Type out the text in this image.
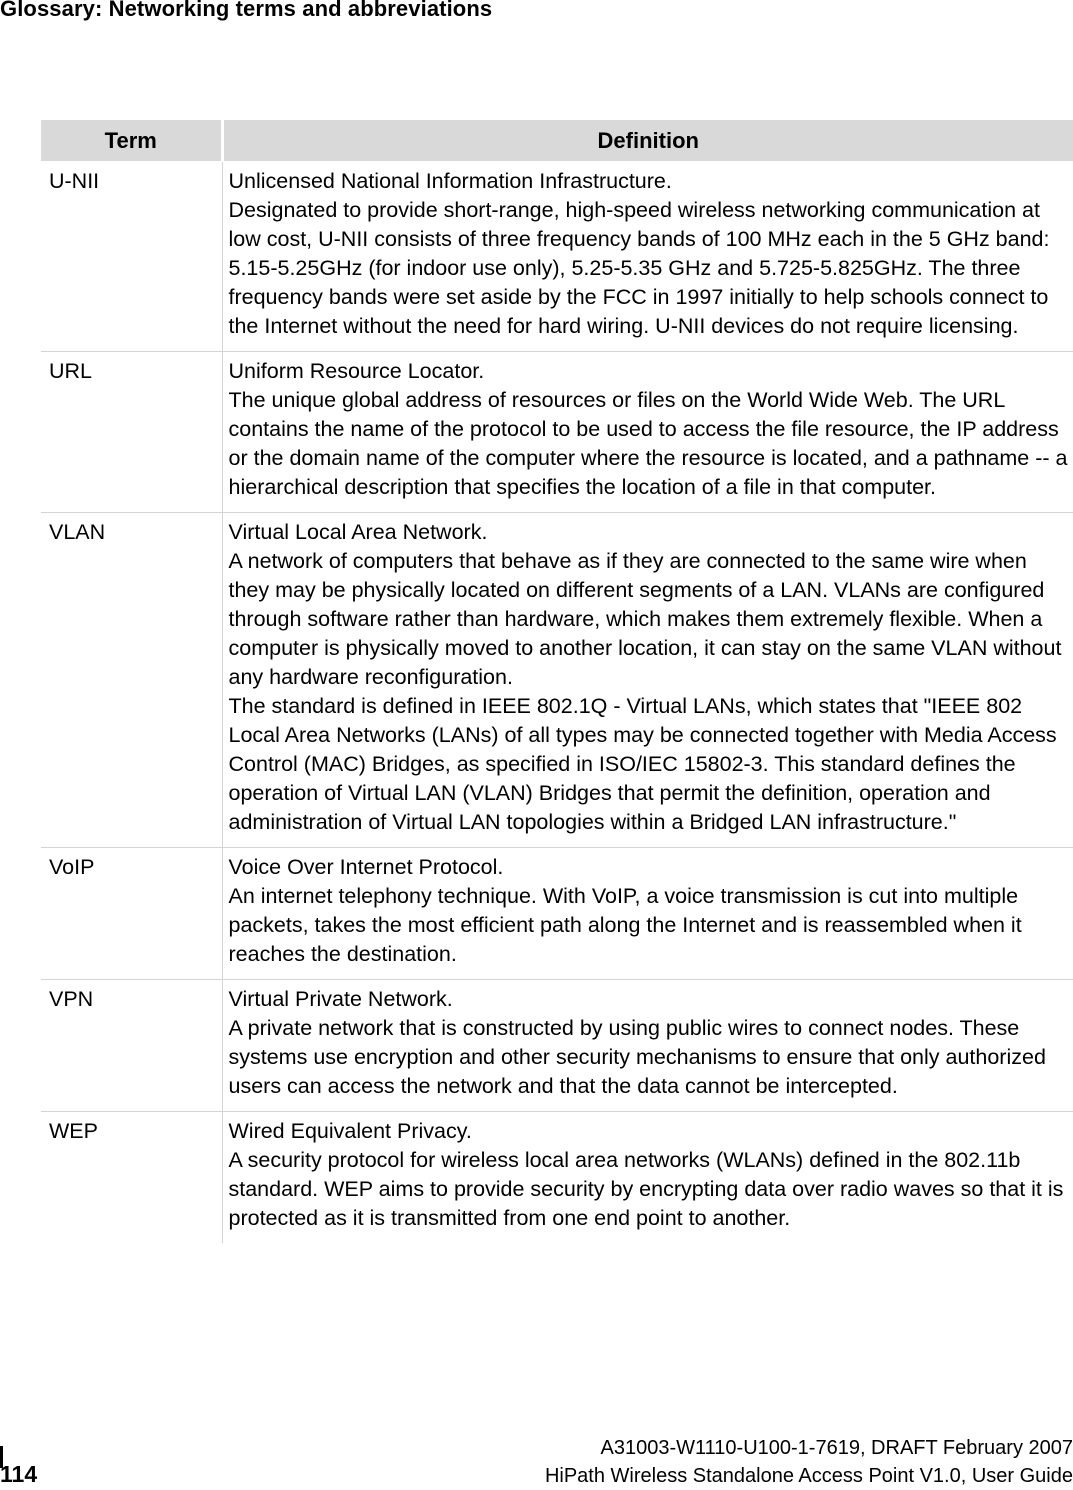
Glossary: Networking terms and abbreviations
Term	Definition
U-NII	Unlicensed National Information Infrastructure.
Designated to provide short-range, high-speed wireless networking communication at low cost, U-NII consists of three frequency bands of 100 MHz each in the 5 GHz band: 5.15-5.25GHz (for indoor use only), 5.25-5.35 GHz and 5.725-5.825GHz. The three frequency bands were set aside by the FCC in 1997 initially to help schools connect to the Internet without the need for hard wiring. U-NII devices do not require licensing.

URL	Uniform Resource Locator.
The unique global address of resources or files on the World Wide Web. The URL contains the name of the protocol to be used to access the file resource, the IP address or the domain name of the computer where the resource is located, and a pathname -- a hierarchical description that specifies the location of a file in that computer.

VLAN	Virtual Local Area Network.
A network of computers that behave as if they are connected to the same wire when they may be physically located on different segments of a LAN. VLANs are configured through software rather than hardware, which makes them extremely flexible. When a computer is physically moved to another location, it can stay on the same VLAN without any hardware reconfiguration.
The standard is defined in IEEE 802.1Q - Virtual LANs, which states that "IEEE 802 Local Area Networks (LANs) of all types may be connected together with Media Access Control (MAC) Bridges, as specified in ISO/IEC 15802-3. This standard defines the operation of Virtual LAN (VLAN) Bridges that permit the definition, operation and administration of Virtual LAN topologies within a Bridged LAN infrastructure."

VoIP	Voice Over Internet Protocol.
An internet telephony technique. With VoIP, a voice transmission is cut into multiple packets, takes the most efficient path along the Internet and is reassembled when it reaches the destination.

VPN	Virtual Private Network.
A private network that is constructed by using public wires to connect nodes. These systems use encryption and other security mechanisms to ensure that only authorized users can access the network and that the data cannot be intercepted.

WEP	Wired Equivalent Privacy.
A security protocol for wireless local area networks (WLANs) defined in the 802.11b standard. WEP aims to provide security by encrypting data over radio waves so that it is protected as it is transmitted from one end point to another.
114
A31003-W1110-U100-1-7619, DRAFT February 2007
HiPath Wireless Standalone Access Point V1.0, User Guide
